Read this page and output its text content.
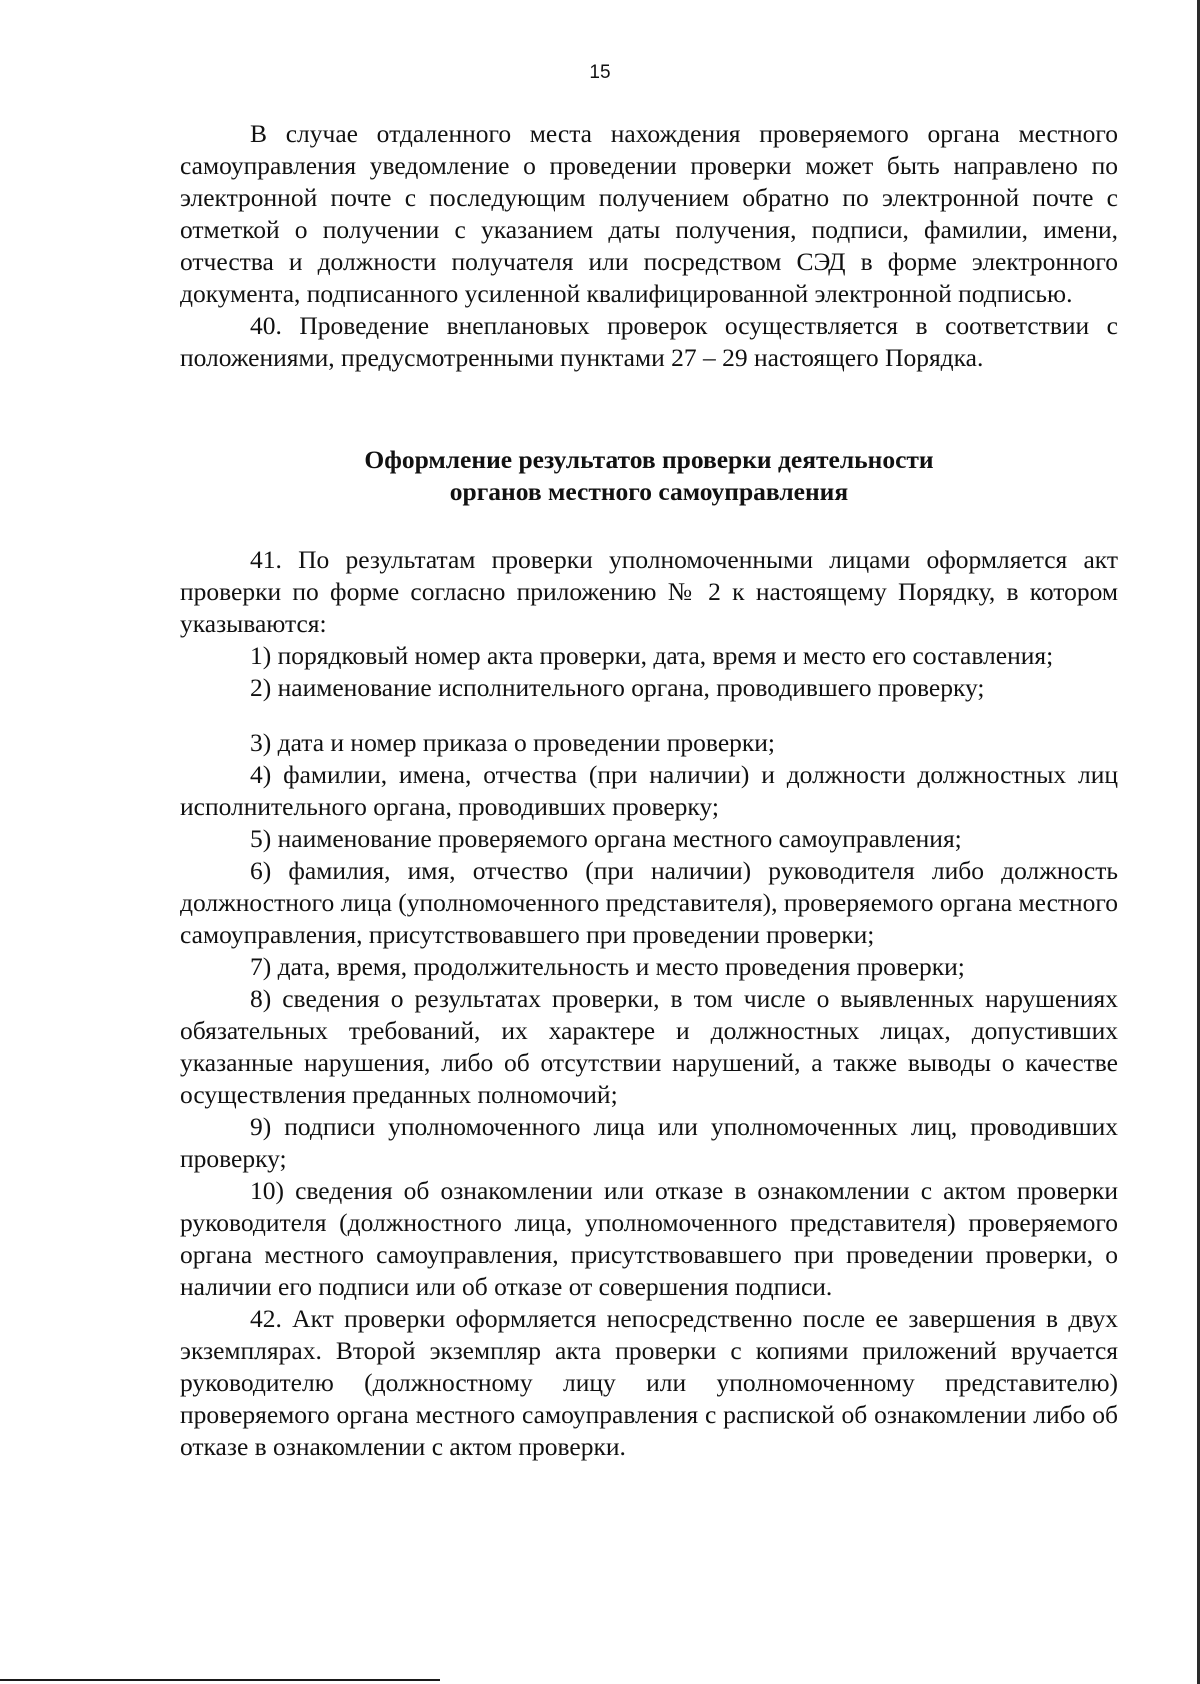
15

В случае отдаленного места нахождения проверяемого органа местного самоуправления уведомление о проведении проверки может быть направлено по электронной почте с последующим получением обратно по электронной почте с отметкой о получении с указанием даты получения, подписи, фамилии, имени, отчества и должности получателя или посредством СЭД в форме электронного документа, подписанного усиленной квалифицированной электронной подписью.

40. Проведение внеплановых проверок осуществляется в соответствии с положениями, предусмотренными пунктами 27 – 29 настоящего Порядка.

Оформление результатов проверки деятельности

органов местного самоуправления

41. По результатам проверки уполномоченными лицами оформляется акт проверки по форме согласно приложению № 2 к настоящему Порядку, в котором указываются:

1) порядковый номер акта проверки, дата, время и место его составления;

2) наименование исполнительного органа, проводившего проверку;

3) дата и номер приказа о проведении проверки;

4) фамилии, имена, отчества (при наличии) и должности должностных лиц исполнительного органа, проводивших проверку;

5) наименование проверяемого органа местного самоуправления;

6) фамилия, имя, отчество (при наличии) руководителя либо должность должностного лица (уполномоченного представителя), проверяемого органа местного самоуправления, присутствовавшего при проведении проверки;

7) дата, время, продолжительность и место проведения проверки;

8) сведения о результатах проверки, в том числе о выявленных нарушениях обязательных требований, их характере и должностных лицах, допустивших указанные нарушения, либо об отсутствии нарушений, а также выводы о качестве осуществления преданных полномочий;

9) подписи уполномоченного лица или уполномоченных лиц, проводивших проверку;

10) сведения об ознакомлении или отказе в ознакомлении с актом проверки руководителя (должностного лица, уполномоченного представителя) проверяемого органа местного самоуправления, присутствовавшего при проведении проверки, о наличии его подписи или об отказе от совершения подписи.

42. Акт проверки оформляется непосредственно после ее завершения в двух экземплярах. Второй экземпляр акта проверки с копиями приложений вручается руководителю (должностному лицу или уполномоченному представителю) проверяемого органа местного самоуправления с распиской об ознакомлении либо об отказе в ознакомлении с актом проверки.
